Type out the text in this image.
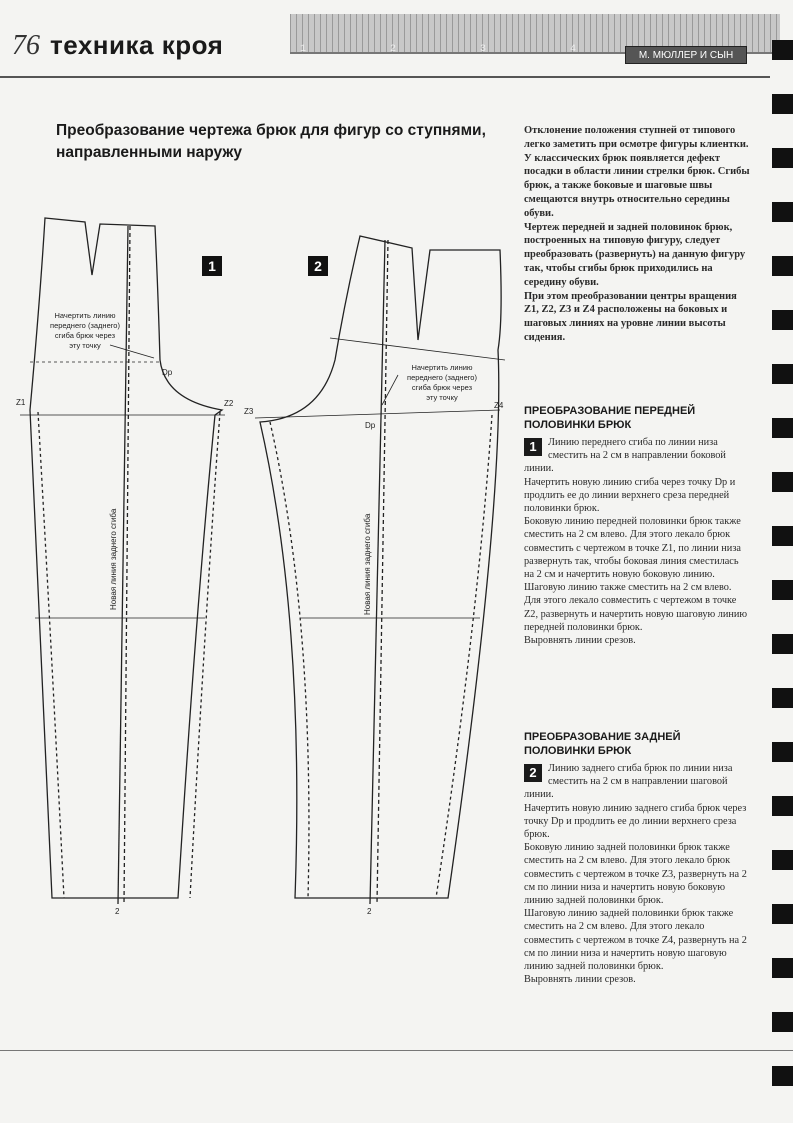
76 техника кроя	1	2	3	4
М. МЮЛЛЕР И СЫН
Преобразование чертежа брюк для фигур со ступнями, направленными наружу

Отклонение положения ступней от типового легко заметить при осмотре фигуры клиентки.

У классических брюк появляется дефект посадки в области линии стрелки брюк. Сгибы брюк, а также боковые и шаговые швы смещаются внутрь относительно середины обуви.

Чертеж передней и задней половинок брюк, построенных на типовую фигуру, следует преобразовать (развернуть) на данную фигуру так, чтобы сгибы брюк приходились на середину обуви.

При этом преобразовании центры вращения Z1, Z2, Z3 и Z4 расположены на боковых и шаговых линиях на уровне линии высоты сидения.

ПРЕОБРАЗОВАНИЕ ПЕРЕДНЕЙ ПОЛОВИНКИ БРЮК
1	Линию переднего сгиба по линии низа сместить на 2 см в направлении боковой линии.

Начертить новую линию сгиба через точку Dp и продлить ее до линии верхнего среза передней половинки брюк.

Боковую линию передней половинки брюк также сместить на 2 см влево. Для этого лекало брюк совместить с чертежом в точке Z1, по линии низа развернуть так, чтобы боковая линия сместилась на 2 см и начертить новую боковую линию.

Шаговую линию также сместить на 2 см влево. Для этого лекало совместить с чертежом в точке Z2, развернуть и начертить новую шаговую линию передней половинки брюк.

Выровнять линии срезов.

ПРЕОБРАЗОВАНИЕ ЗАДНЕЙ ПОЛОВИНКИ БРЮК
2	Линию заднего сгиба брюк по линии низа сместить на 2 см в направлении шаговой линии.

Начертить новую линию заднего сгиба брюк через точку Dp и продлить ее до линии верхнего среза брюк.

Боковую линию задней половинки брюк также сместить на 2 см влево. Для этого лекало брюк совместить с чертежом в точке Z3, развернуть на 2 см по линии низа и начертить новую боковую линию задней половинки брюк.

Шаговую линию задней половинки брюк также сместить на 2 см влево. Для этого лекало совместить с чертежом в точке Z4, развернуть на 2 см по линии низа и начертить новую шаговую линию задней половинки брюк.

Выровнять линии срезов.

1	2
Начертить линию
переднего (заднего)
сгиба брюк через
эту точку
Начертить линию
переднего (заднего)
сгиба брюк через
эту точку
Dp
Z1	Z2
2
Dp
Z3
Z4
2
Новая линия заднего сгиба	Новая линия заднего сгиба
